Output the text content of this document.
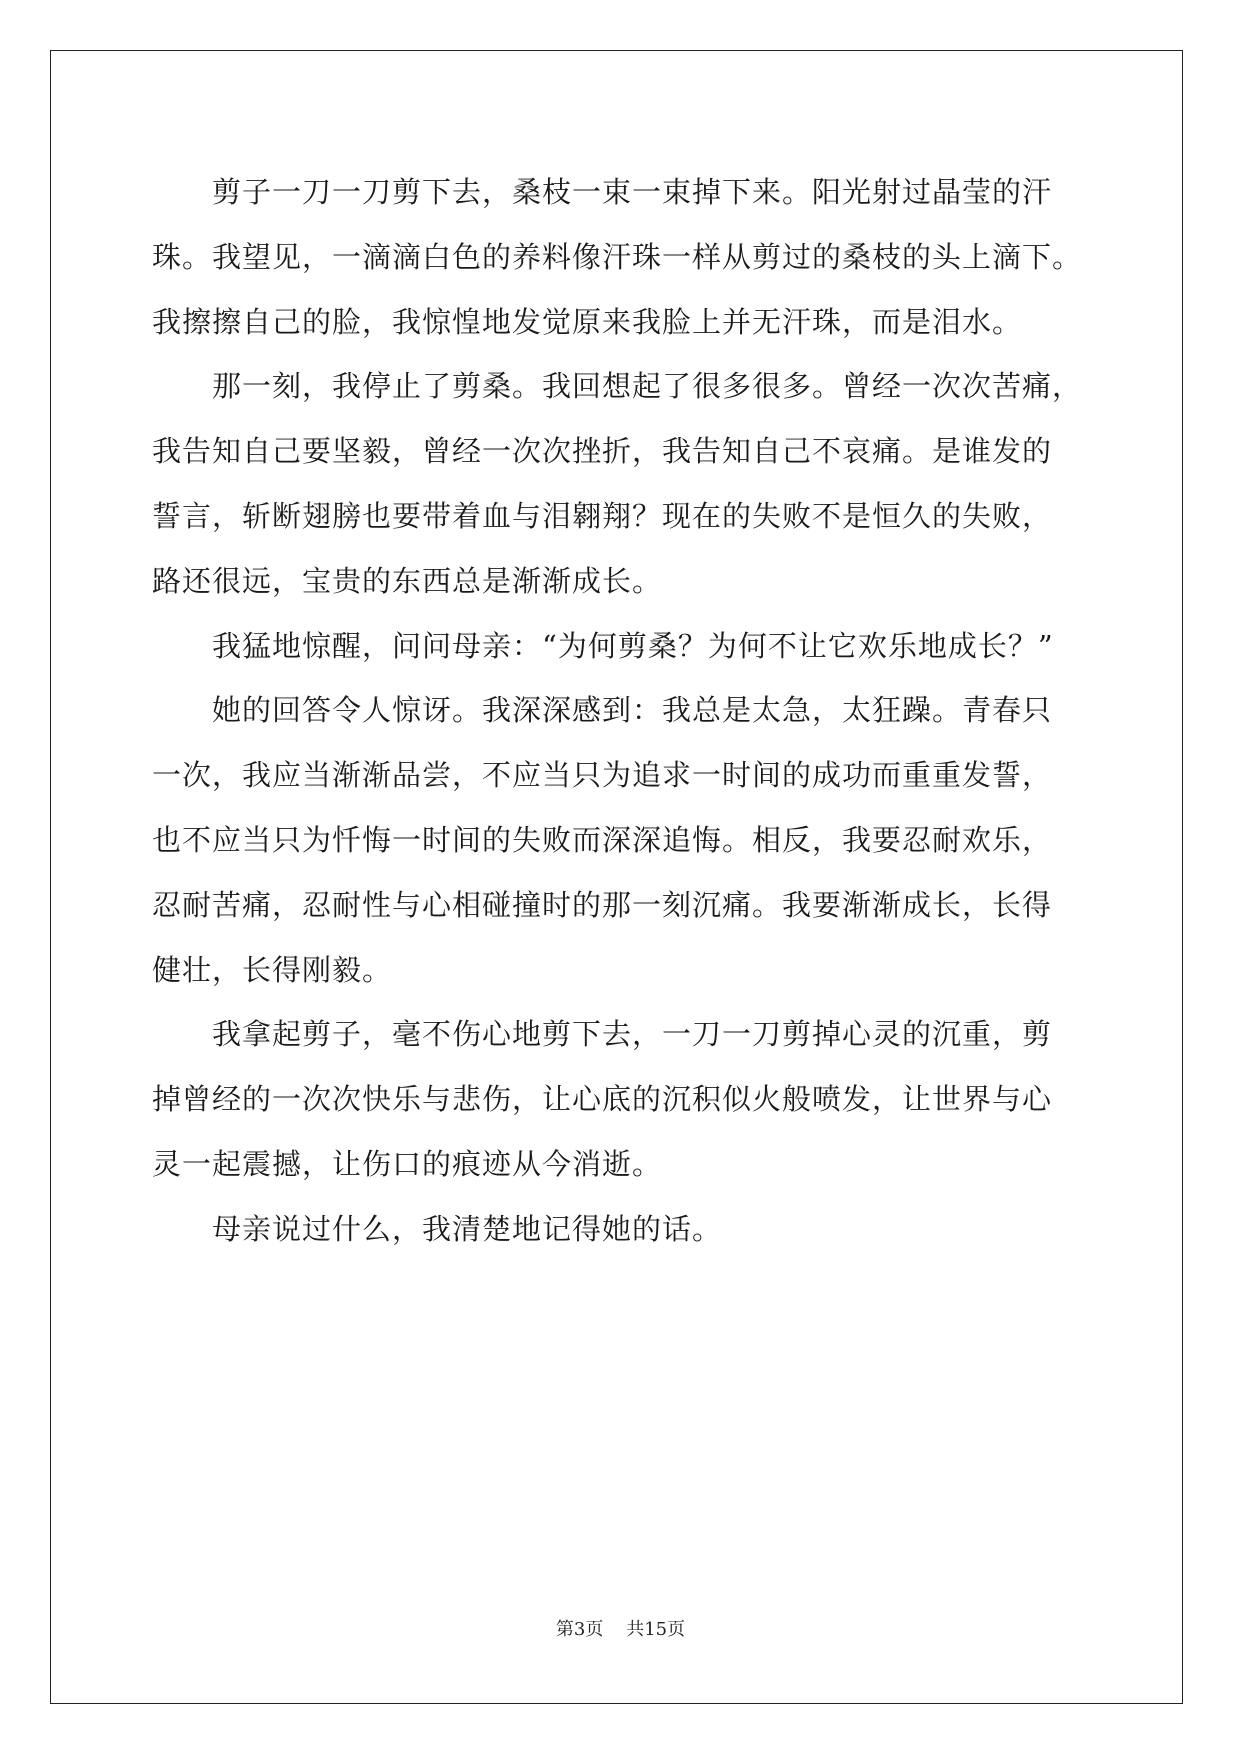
　　剪子一刀一刀剪下去，桑枝一束一束掉下来。阳光射过晶莹的汗
珠。我望见，一滴滴白色的养料像汗珠一样从剪过的桑枝的头上滴下。
我擦擦自己的脸，我惊惶地发觉原来我脸上并无汗珠，而是泪水。
　　那一刻，我停止了剪桑。我回想起了很多很多。曾经一次次苦痛，
我告知自己要坚毅，曾经一次次挫折，我告知自己不哀痛。是谁发的
誓言，斩断翅膀也要带着血与泪翱翔？现在的失败不是恒久的失败，
路还很远，宝贵的东西总是渐渐成长。
　　我猛地惊醒，问问母亲：“为何剪桑？为何不让它欢乐地成长？”
　　她的回答令人惊讶。我深深感到：我总是太急，太狂躁。青春只
一次，我应当渐渐品尝，不应当只为追求一时间的成功而重重发誓，
也不应当只为忏悔一时间的失败而深深追悔。相反，我要忍耐欢乐，
忍耐苦痛，忍耐性与心相碰撞时的那一刻沉痛。我要渐渐成长，长得
健壮，长得刚毅。
　　我拿起剪子，毫不伤心地剪下去，一刀一刀剪掉心灵的沉重，剪
掉曾经的一次次快乐与悲伤，让心底的沉积似火般喷发，让世界与心
灵一起震撼，让伤口的痕迹从今消逝。
　　母亲说过什么，我清楚地记得她的话。
第3页 共15页
